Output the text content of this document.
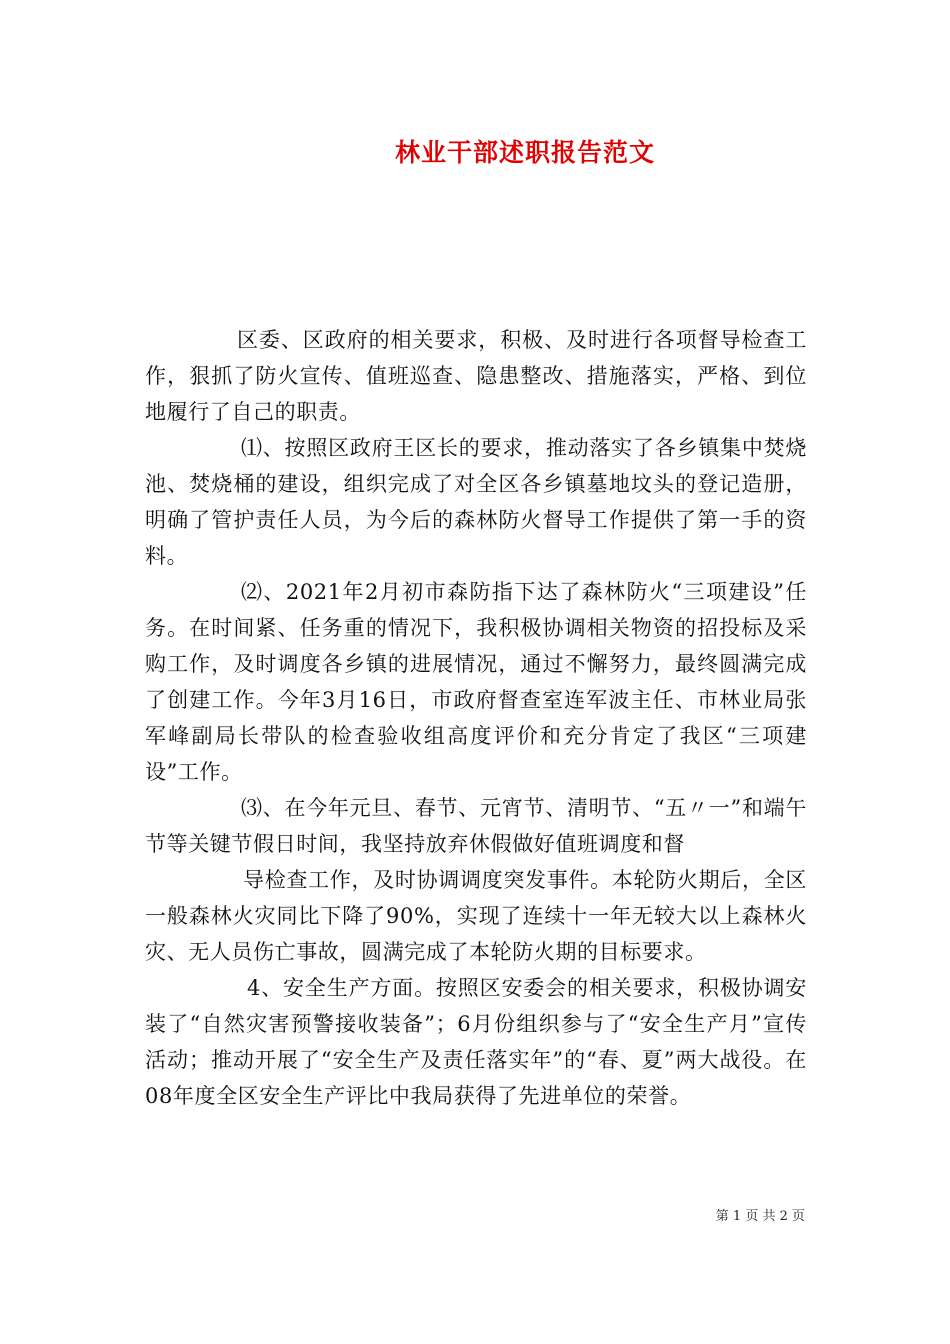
林业干部述职报告范文

区委、区政府的相关要求，积极、及时进行各项督导检查工作，狠抓了防火宣传、值班巡查、隐患整改、措施落实，严格、到位地履行了自己的职责。

⑴、按照区政府王区长的要求，推动落实了各乡镇集中焚烧池、焚烧桶的建设，组织完成了对全区各乡镇墓地坟头的登记造册，明确了管护责任人员，为今后的森林防火督导工作提供了第一手的资料。

⑵、2021年2月初市森防指下达了森林防火“三项建设”任务。在时间紧、任务重的情况下，我积极协调相关物资的招投标及采购工作，及时调度各乡镇的进展情况，通过不懈努力，最终圆满完成了创建工作。今年3月16日，市政府督查室连军波主任、市林业局张军峰副局长带队的检查验收组高度评价和充分肯定了我区“三项建设”工作。

⑶、在今年元旦、春节、元宵节、清明节、“五〃一”和端午节等关键节假日时间，我坚持放弃休假做好值班调度和督

导检查工作，及时协调调度突发事件。本轮防火期后，全区一般森林火灾同比下降了90%，实现了连续十一年无较大以上森林火灾、无人员伤亡事故，圆满完成了本轮防火期的目标要求。

4、安全生产方面。按照区安委会的相关要求，积极协调安装了“自然灾害预警接收装备”；6月份组织参与了“安全生产月”宣传活动；推动开展了“安全生产及责任落实年”的“春、夏”两大战役。在08年度全区安全生产评比中我局获得了先进单位的荣誉。

第 1 页 共 2 页
